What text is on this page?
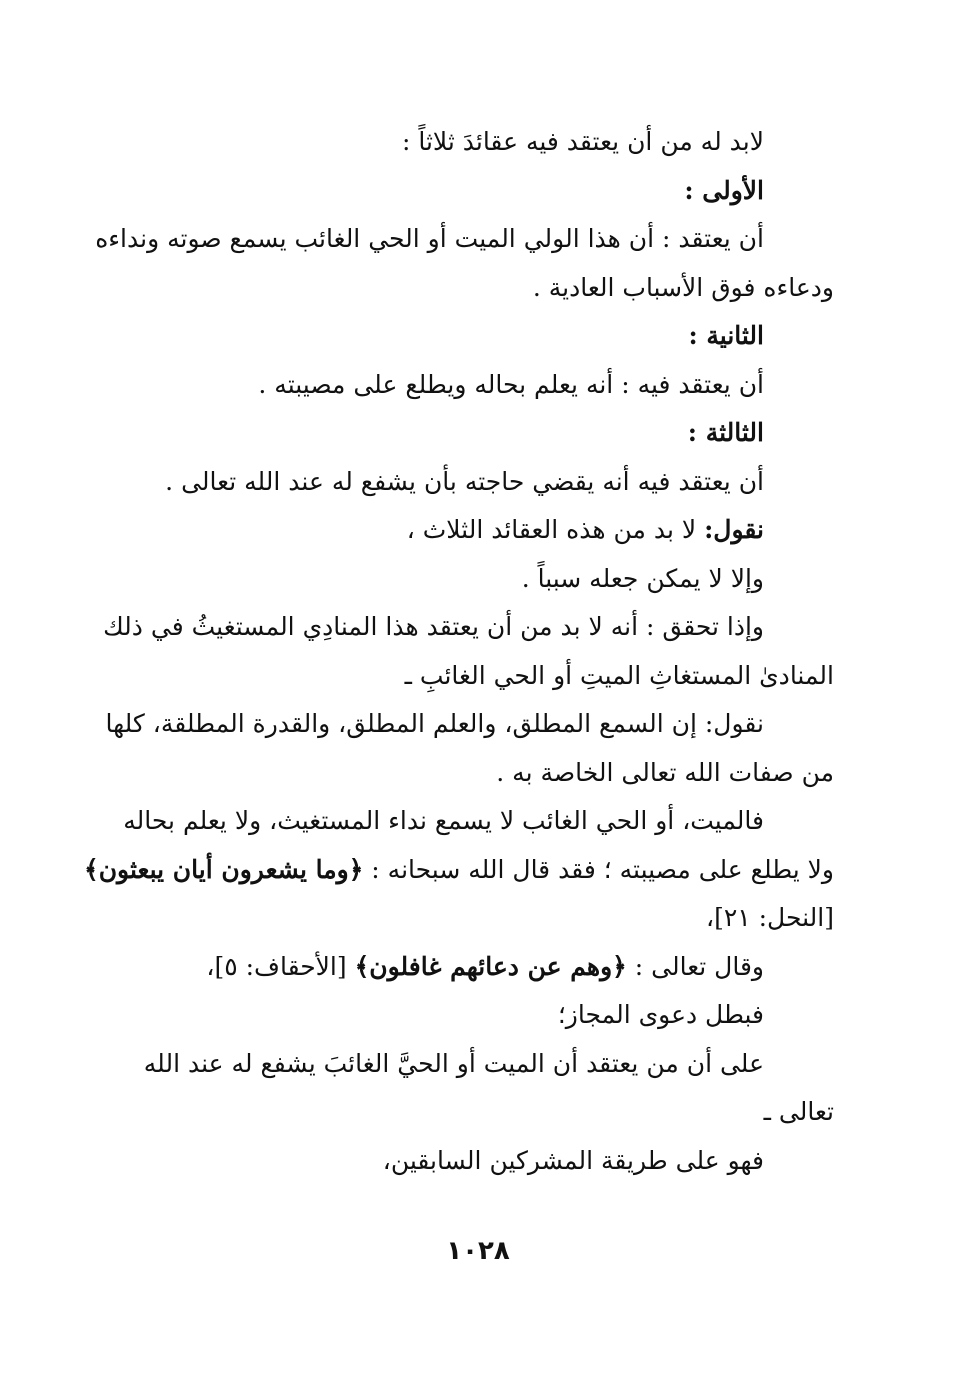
لابد له من أن يعتقد فيه عقائدَ ثلاثاً :
الأولى :
أن يعتقد : أن هذا الولي الميت أو الحي الغائب يسمع صوته ونداءه
ودعاءه فوق الأسباب العادية .
الثانية :
أن يعتقد فيه : أنه يعلم بحاله ويطلع على مصيبته .
الثالثة :
أن يعتقد فيه أنه يقضي حاجته بأن يشفع له عند الله تعالى .
نقول: لا بد من هذه العقائد الثلاث ،
وإلا لا يمكن جعله سبباً .
وإذا تحقق : أنه لا بد من أن يعتقد هذا المنادِي المستغيثُ في ذلك
المنادىٰ المستغاثِ الميتِ أو الحي الغائبِ ـ
نقول: إن السمع المطلق، والعلم المطلق، والقدرة المطلقة، كلها
من صفات الله تعالى الخاصة به .
فالميت، أو الحي الغائب لا يسمع نداء المستغيث، ولا يعلم بحاله
ولا يطلع على مصيبته ؛ فقد قال الله سبحانه : ﴿وما يشعرون أيان يبعثون﴾
[النحل: ٢١]،
وقال تعالى : ﴿وهم عن دعائهم غافلون﴾ [الأحقاف: ٥]،
فبطل دعوى المجاز؛
على أن من يعتقد أن الميت أو الحيَّ الغائبَ يشفع له عند الله
تعالى ـ
فهو على طريقة المشركين السابقين،
١٠٢٨
